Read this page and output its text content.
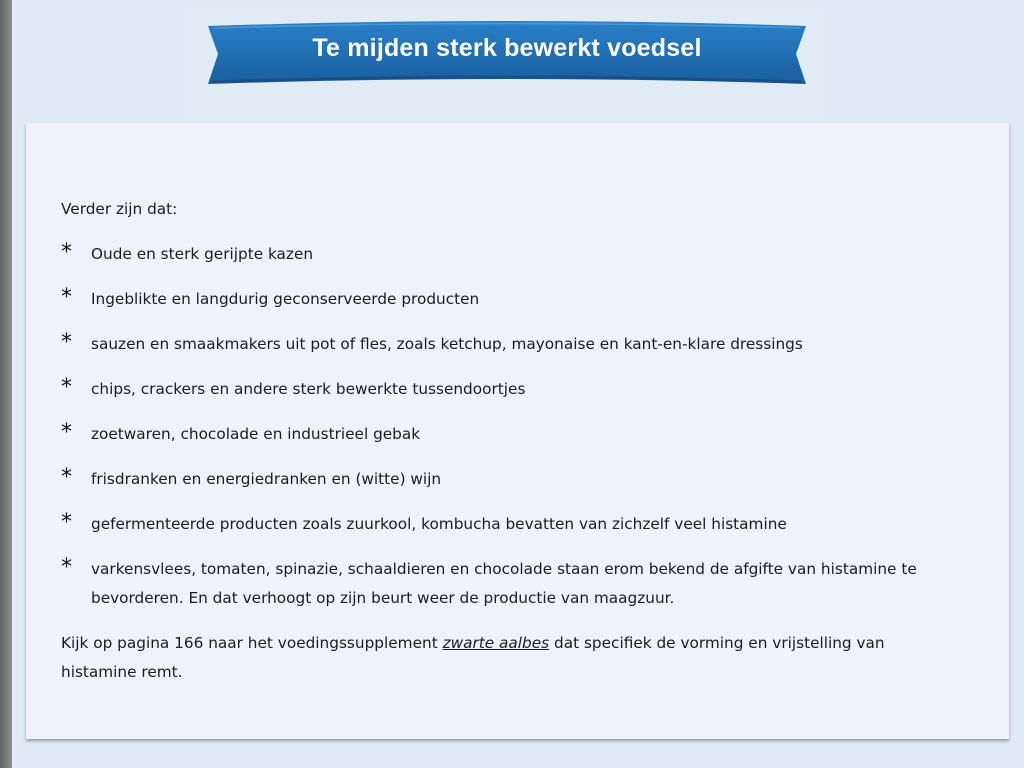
Te mijden sterk bewerkt voedsel

Verder zijn dat:

* Oude en sterk gerijpte kazen
* Ingeblikte en langdurig geconserveerde producten
* sauzen en smaakmakers uit pot of fles, zoals ketchup, mayonaise en kant-en-klare dressings
* chips, crackers en andere sterk bewerkte tussendoortjes
* zoetwaren, chocolade en industrieel gebak
* frisdranken en energiedranken en (witte) wijn
* gefermenteerde producten zoals zuurkool, kombucha bevatten van zichzelf veel histamine
* varkensvlees, tomaten, spinazie, schaaldieren en chocolade staan erom bekend de afgifte van histamine te bevorderen. En dat verhoogt op zijn beurt weer de productie van maagzuur.

Kijk op pagina 166 naar het voedingssupplement zwarte aalbes dat specifiek de vorming en vrijstelling van histamine remt.
